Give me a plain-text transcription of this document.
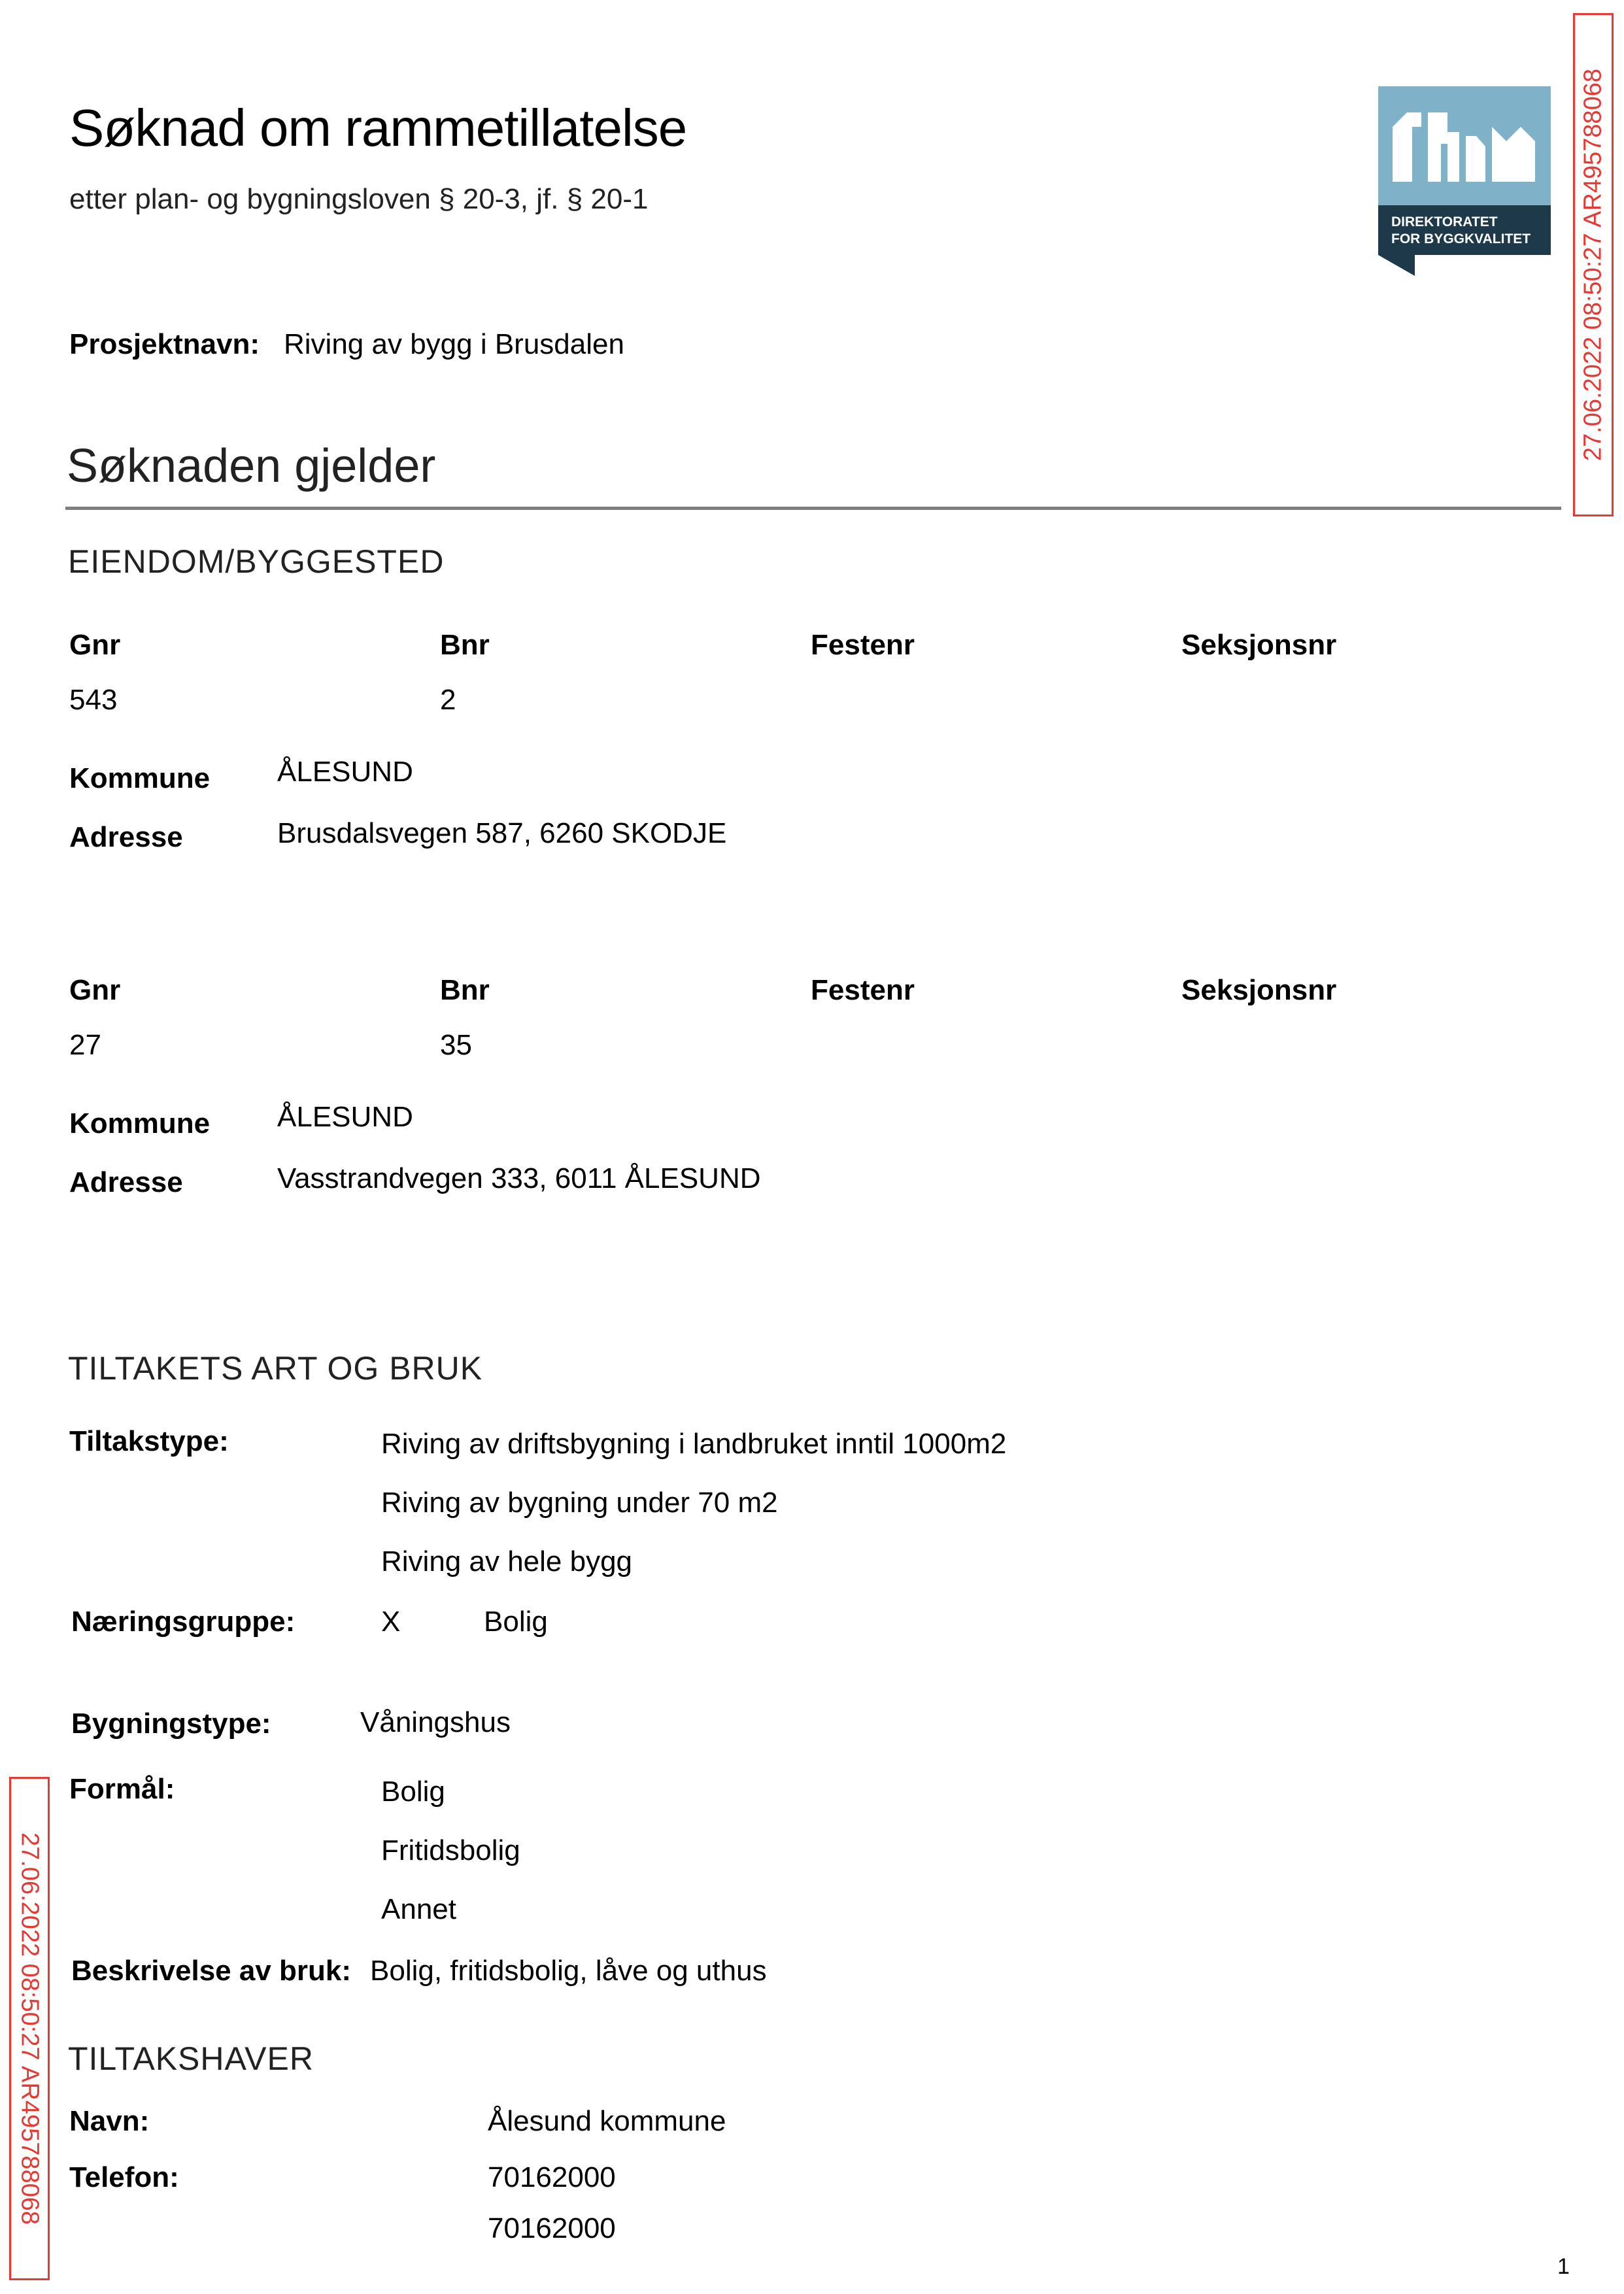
Søknad om rammetillatelse
etter plan- og bygningsloven § 20-3, jf. § 20-1
DIREKTORATET
FOR BYGGKVALITET
Prosjektnavn: Riving av bygg i Brusdalen
Søknaden gjelder
EIENDOM/BYGGESTED
Gnr	Bnr	Festenr	Seksjonsnr
543	2
Kommune ÅLESUND
Adresse	Brusdalsvegen 587, 6260 SKODJE
Gnr	Bnr	Festenr	Seksjonsnr
27	35
Kommune ÅLESUND
Adresse	Vasstrandvegen 333, 6011 ÅLESUND
TILTAKETS ART OG BRUK
Tiltakstype:	Riving av driftsbygning i landbruket inntil 1000m2
Riving av bygning under 70 m2
Riving av hele bygg
Næringsgruppe:	X	Bolig
Bygningstype:	Våningshus
Formål:	Bolig
Fritidsbolig
Annet
Beskrivelse av bruk: Bolig, fritidsbolig, låve og uthus
TILTAKSHAVER
Navn:	Ålesund kommune
Telefon:	70162000
70162000
27.06.2022 08:50:27 AR495788068
27.06.2022 08:50:27 AR495788068
1
